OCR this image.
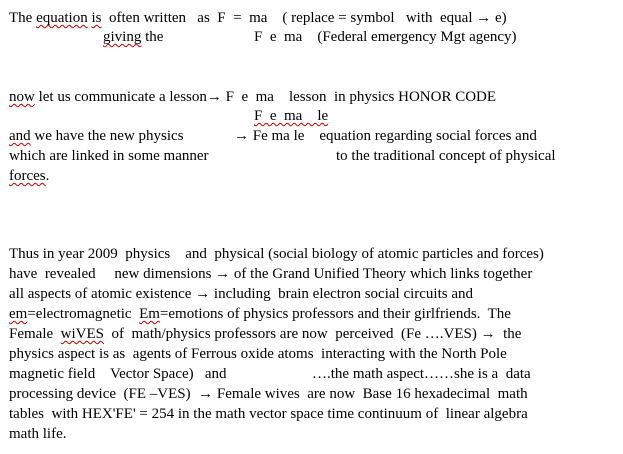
The equation is  often written   as  F  =  ma    ( replace = symbol   with  equal → e)
giving the	F  e  ma    (Federal emergency Mgt agency)
now let us communicate a lesson→ F  e  ma    lesson  in physics HONOR CODE
F  e  ma    le
and we have the new physics	→ Fe ma le    equation regarding social forces and
which are linked in some manner	to the traditional concept of physical
forces.
Thus in year 2009  physics    and  physical (social biology of atomic particles and forces)
have  revealed     new dimensions → of the Grand Unified Theory which links together
all aspects of atomic existence → including  brain electron social circuits and
em=electromagnetic  Em=emotions of physics professors and their girlfriends.  The
Female  wiVES  of  math/physics professors are now  perceived  (Fe ….VES) →  the
physics aspect is as  agents of Ferrous oxide atoms  interacting with the North Pole
magnetic field    Vector Space)   and	….the math aspect……she is a  data
processing device  (FE –VES)  → Female wives  are now  Base 16 hexadecimal  math
tables  with HEX'FE' = 254 in the math vector space time continuum of  linear algebra
math life.
